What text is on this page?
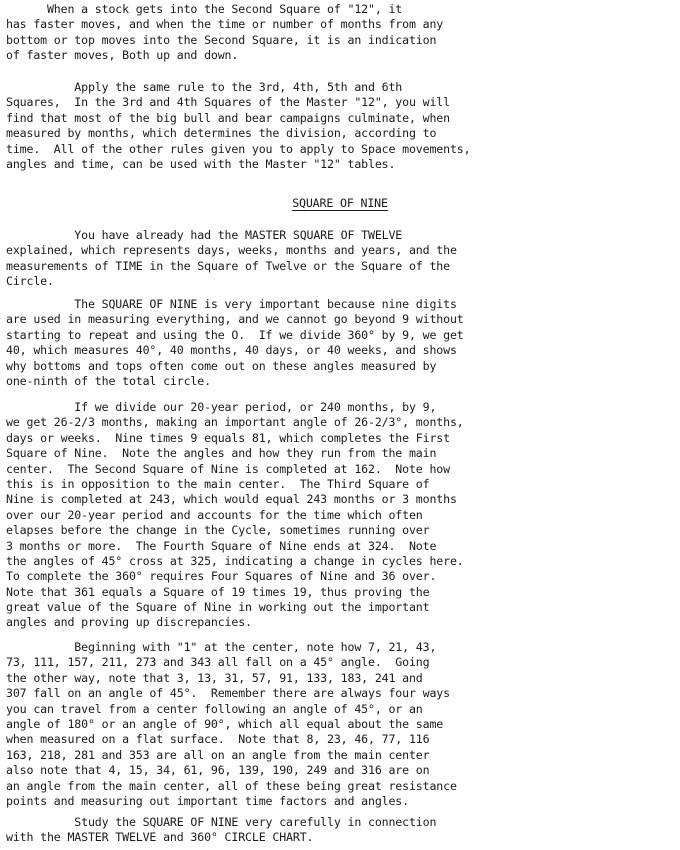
When a stock gets into the Second Square of "12", it
has faster moves, and when the time or number of months from any
bottom or top moves into the Second Square, it is an indication
of faster moves, Both up and down.
Apply the same rule to the 3rd, 4th, 5th and 6th
Squares,  In the 3rd and 4th Squares of the Master "12", you will
find that most of the big bull and bear campaigns culminate, when
measured by months, which determines the division, according to
time.  All of the other rules given you to apply to Space movements,
angles and time, can be used with the Master "12" tables.
SQUARE OF NINE
You have already had the MASTER SQUARE OF TWELVE
explained, which represents days, weeks, months and years, and the
measurements of TIME in the Square of Twelve or the Square of the
Circle.
The SQUARE OF NINE is very important because nine digits
are used in measuring everything, and we cannot go beyond 9 without
starting to repeat and using the O.  If we divide 360° by 9, we get
40, which measures 40°, 40 months, 40 days, or 40 weeks, and shows
why bottoms and tops often come out on these angles measured by
one-ninth of the total circle.
If we divide our 20-year period, or 240 months, by 9,
we get 26-2/3 months, making an important angle of 26-2/3°, months,
days or weeks.  Nine times 9 equals 81, which completes the First
Square of Nine.  Note the angles and how they run from the main
center.  The Second Square of Nine is completed at 162.  Note how
this is in opposition to the main center.  The Third Square of
Nine is completed at 243, which would equal 243 months or 3 months
over our 20-year period and accounts for the time which often
elapses before the change in the Cycle, sometimes running over
3 months or more.  The Fourth Square of Nine ends at 324.  Note
the angles of 45° cross at 325, indicating a change in cycles here.
To complete the 360° requires Four Squares of Nine and 36 over.
Note that 361 equals a Square of 19 times 19, thus proving the
great value of the Square of Nine in working out the important
angles and proving up discrepancies.
Beginning with "1" at the center, note how 7, 21, 43,
73, 111, 157, 211, 273 and 343 all fall on a 45° angle.  Going
the other way, note that 3, 13, 31, 57, 91, 133, 183, 241 and
307 fall on an angle of 45°.  Remember there are always four ways
you can travel from a center following an angle of 45°, or an
angle of 180° or an angle of 90°, which all equal about the same
when measured on a flat surface.  Note that 8, 23, 46, 77, 116
163, 218, 281 and 353 are all on an angle from the main center
also note that 4, 15, 34, 61, 96, 139, 190, 249 and 316 are on
an angle from the main center, all of these being great resistance
points and measuring out important time factors and angles.
Study the SQUARE OF NINE very carefully in connection
with the MASTER TWELVE and 360° CIRCLE CHART.
